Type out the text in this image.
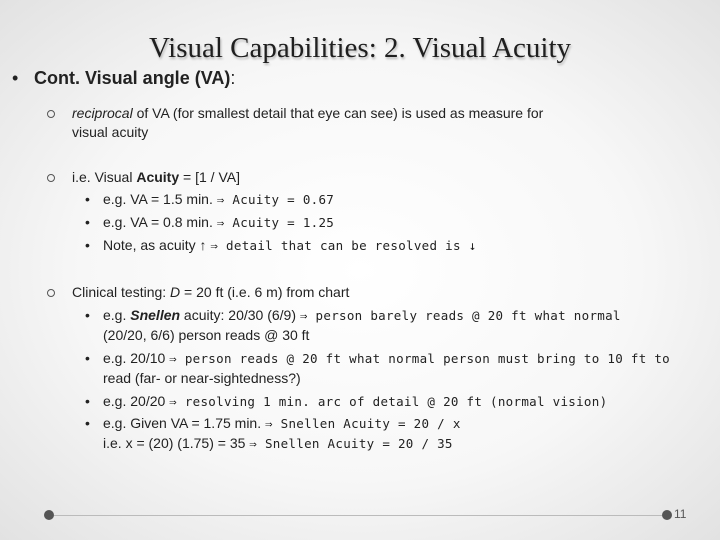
Visual Capabilities: 2. Visual Acuity
• Cont. Visual angle (VA):
reciprocal of VA (for smallest detail that eye can see) is used as measure for
visual acuity
i.e. Visual Acuity = [1 / VA]
• e.g. VA = 1.5 min. ⇒ Acuity = 0.67
• e.g. VA = 0.8 min. ⇒ Acuity = 1.25
• Note, as acuity ↑ ⇒ detail that can be resolved is ↓
Clinical testing: D = 20 ft (i.e. 6 m) from chart
• e.g. Snellen acuity: 20/30 (6/9) ⇒ person barely reads @ 20 ft what normal
(20/20, 6/6) person reads @ 30 ft
• e.g. 20/10 ⇒ person reads @ 20 ft what normal person must bring to 10 ft to
read (far- or near-sightedness?)
• e.g. 20/20 ⇒ resolving 1 min. arc of detail @ 20 ft (normal vision)
• e.g. Given VA = 1.75 min. ⇒ Snellen Acuity = 20 / x
i.e. x = (20) (1.75) = 35 ⇒ Snellen Acuity = 20 / 35
11
